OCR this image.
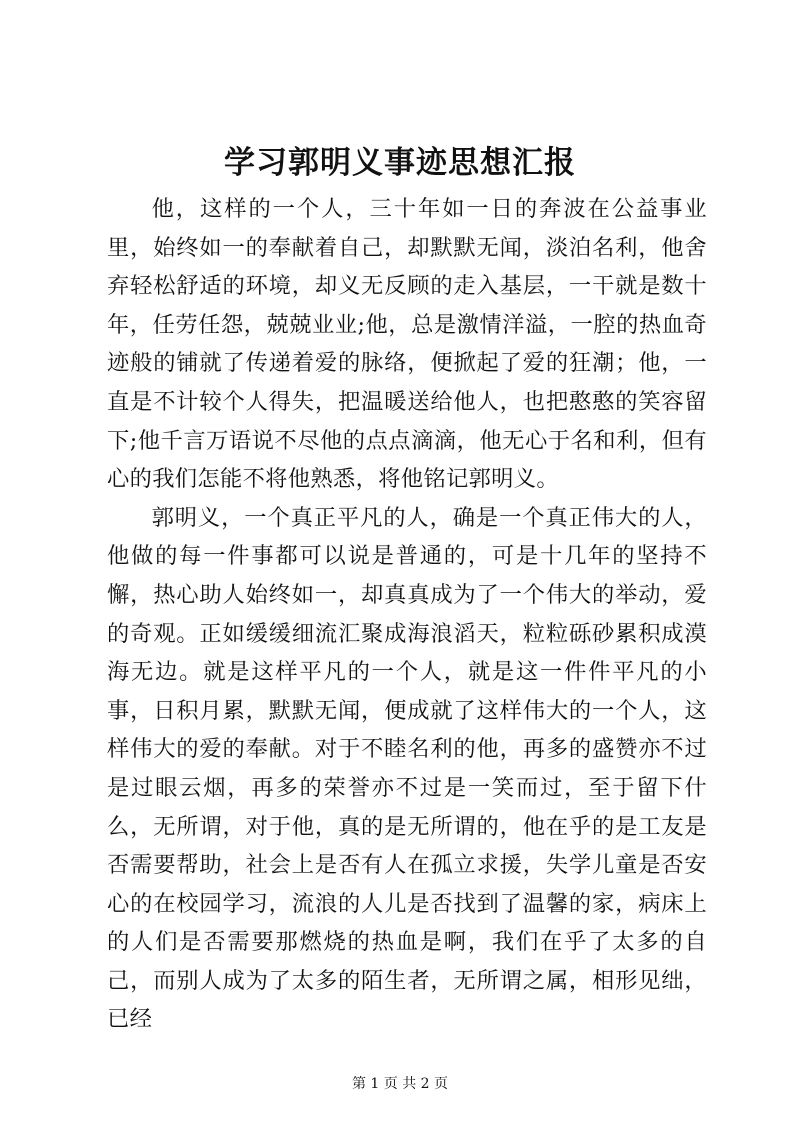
学习郭明义事迹思想汇报

他，这样的一个人，三十年如一日的奔波在公益事业里，始终如一的奉献着自己，却默默无闻，淡泊名利，他舍弃轻松舒适的环境，却义无反顾的走入基层，一干就是数十年，任劳任怨，兢兢业业;他，总是激情洋溢，一腔的热血奇迹般的铺就了传递着爱的脉络，便掀起了爱的狂潮；他，一直是不计较个人得失，把温暖送给他人，也把憨憨的笑容留下;他千言万语说不尽他的点点滴滴，他无心于名和利，但有心的我们怎能不将他熟悉，将他铭记郭明义。

郭明义，一个真正平凡的人，确是一个真正伟大的人，他做的每一件事都可以说是普通的，可是十几年的坚持不懈，热心助人始终如一，却真真成为了一个伟大的举动，爱的奇观。正如缓缓细流汇聚成海浪滔天，粒粒砾砂累积成漠海无边。就是这样平凡的一个人，就是这一件件平凡的小事，日积月累，默默无闻，便成就了这样伟大的一个人，这样伟大的爱的奉献。对于不睦名利的他，再多的盛赞亦不过是过眼云烟，再多的荣誉亦不过是一笑而过，至于留下什么，无所谓，对于他，真的是无所谓的，他在乎的是工友是否需要帮助，社会上是否有人在孤立求援，失学儿童是否安心的在校园学习，流浪的人儿是否找到了温馨的家，病床上的人们是否需要那燃烧的热血是啊，我们在乎了太多的自己，而别人成为了太多的陌生者，无所谓之属，相形见绌，已经

第 1 页 共 2 页
